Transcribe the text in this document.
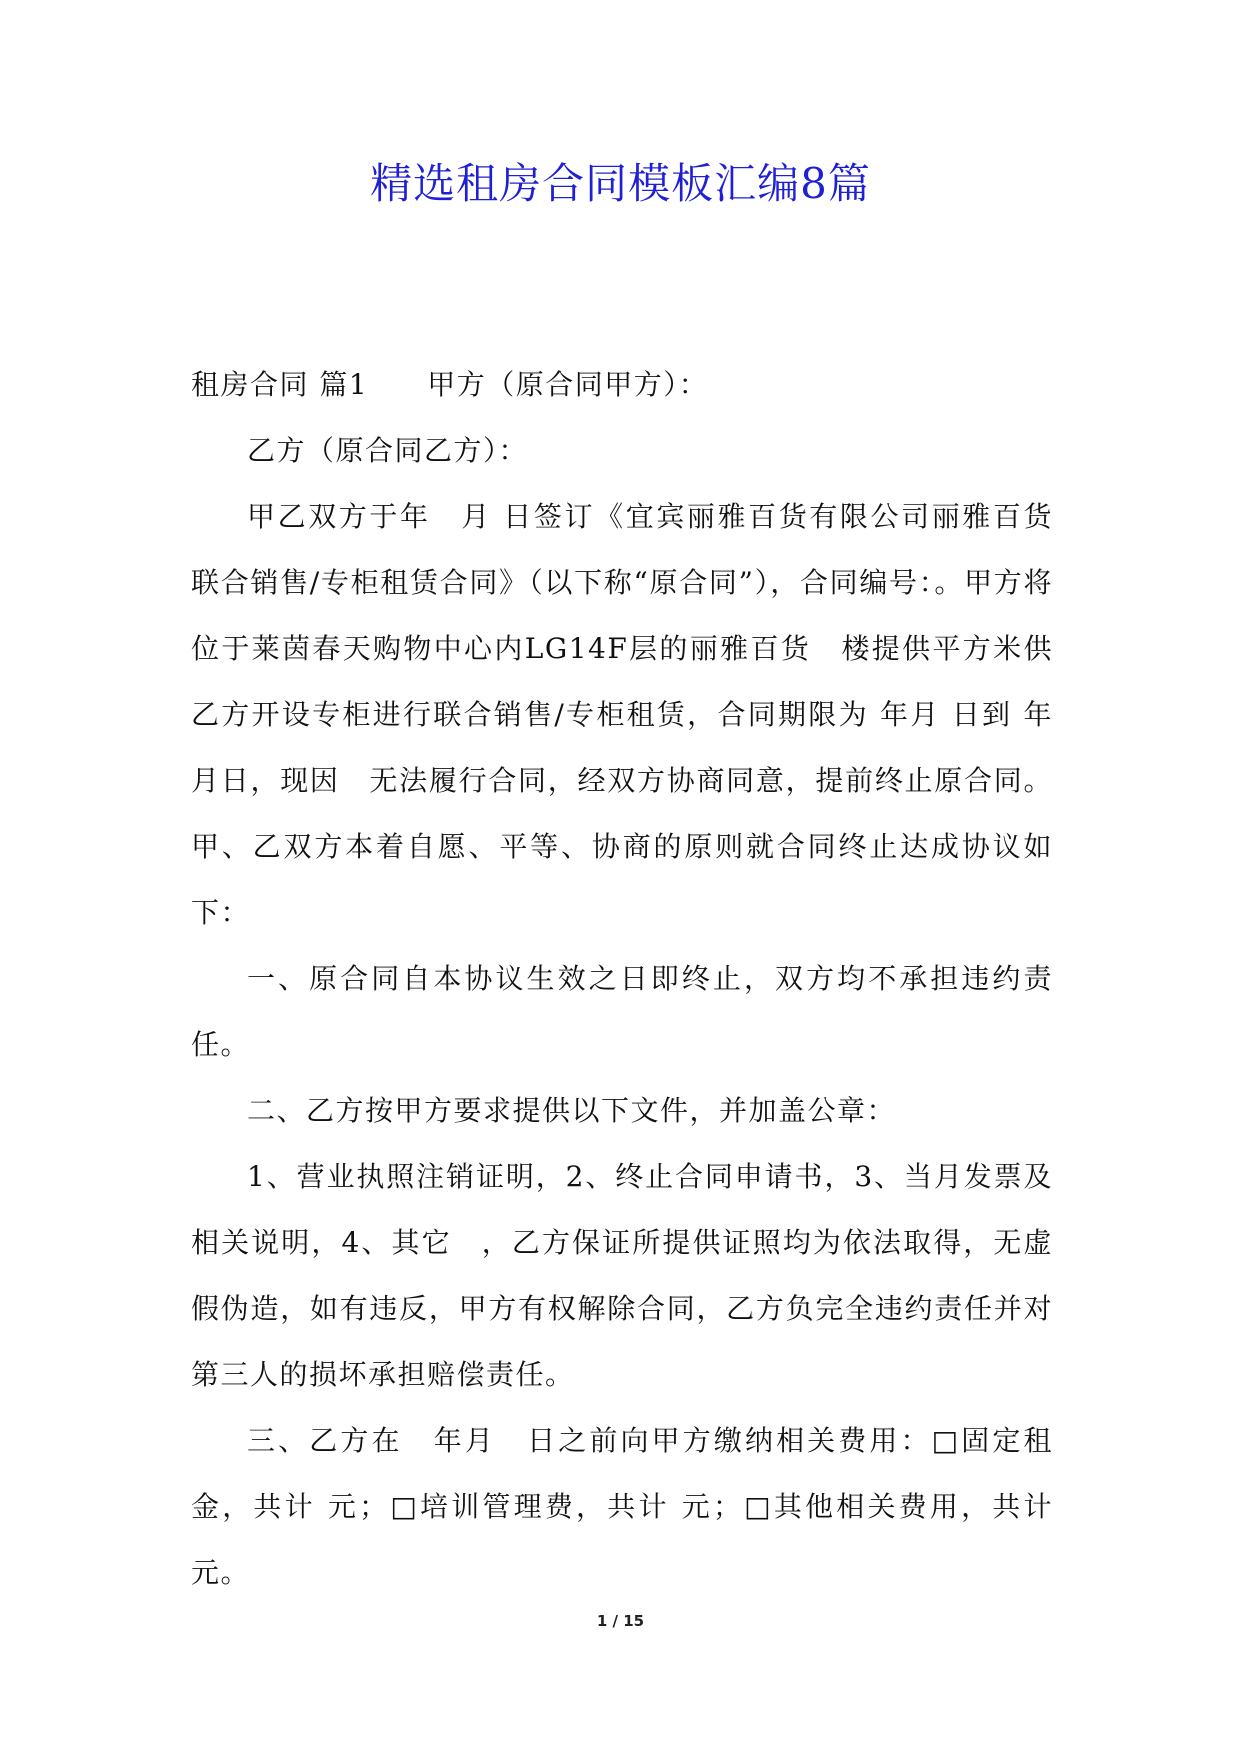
精选租房合同模板汇编8篇

租房合同 篇1　　甲方（原合同甲方）：

乙方（原合同乙方）：

甲乙双方于年　月 日签订《宜宾丽雅百货有限公司丽雅百货联合销售/专柜租赁合同》（以下称“原合同”），合同编号：。甲方将位于莱茵春天购物中心内LG14F层的丽雅百货　楼提供平方米供乙方开设专柜进行联合销售/专柜租赁，合同期限为 年月 日到 年　月日，现因　无法履行合同，经双方协商同意，提前终止原合同。甲、乙双方本着自愿、平等、协商的原则就合同终止达成协议如下：

一、原合同自本协议生效之日即终止，双方均不承担违约责任。

二、乙方按甲方要求提供以下文件，并加盖公章：

1、营业执照注销证明，2、终止合同申请书，3、当月发票及相关说明，4、其它　，乙方保证所提供证照均为依法取得，无虚假伪造，如有违反，甲方有权解除合同，乙方负完全违约责任并对第三人的损坏承担赔偿责任。

三、乙方在　年月　日之前向甲方缴纳相关费用：□固定租金，共计 元；□培训管理费，共计 元；□其他相关费用，共计　元。

1 / 15
